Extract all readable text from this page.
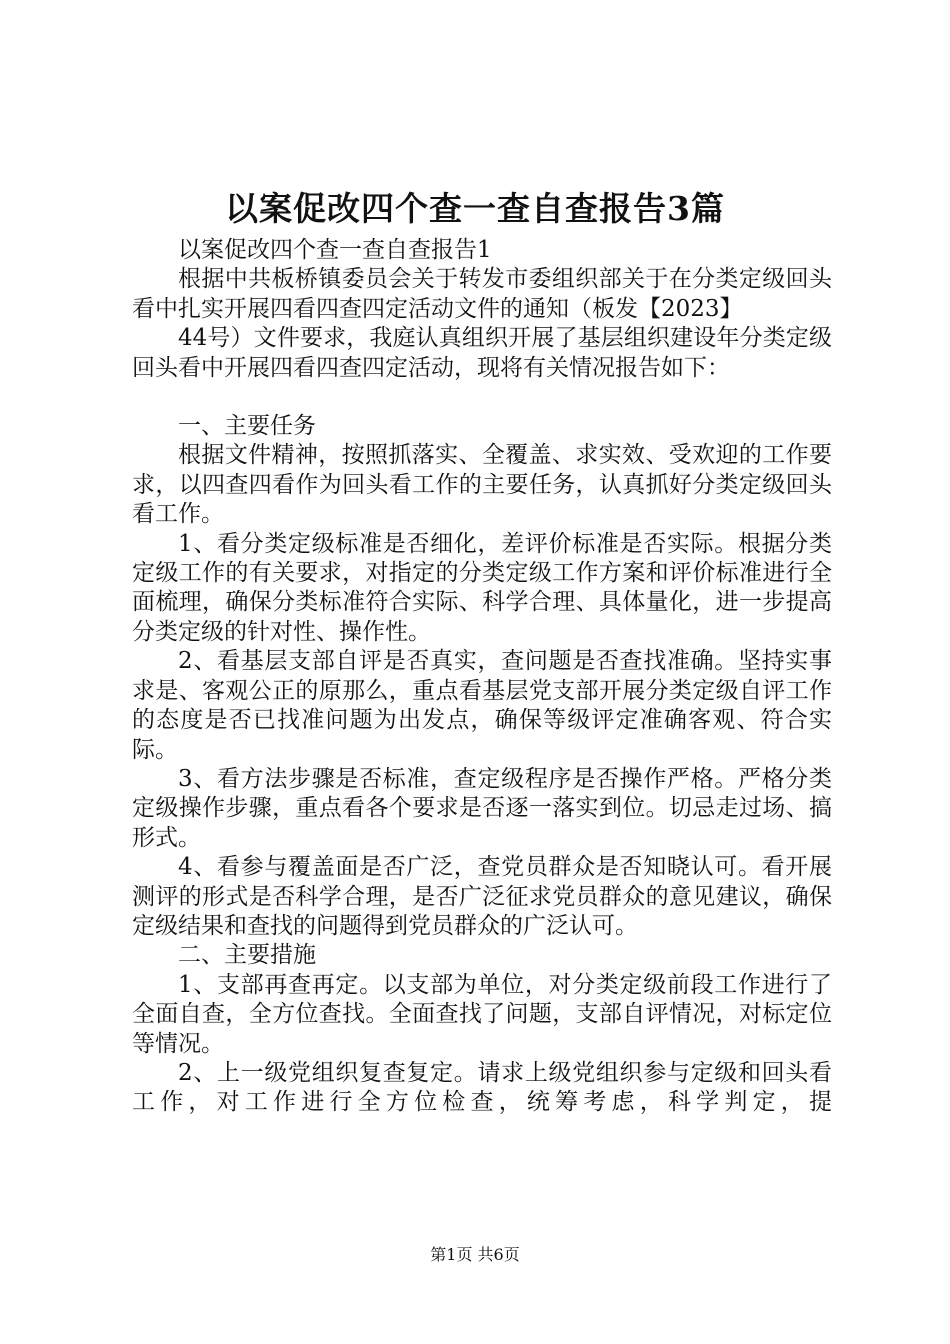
以案促改四个查一查自查报告3篇

以案促改四个查一查自查报告1

根据中共板桥镇委员会关于转发市委组织部关于在分类定级回头看中扎实开展四看四查四定活动文件的通知（板发【2023】

44号）文件要求，我庭认真组织开展了基层组织建设年分类定级回头看中开展四看四查四定活动，现将有关情况报告如下：

一、主要任务

根据文件精神，按照抓落实、全覆盖、求实效、受欢迎的工作要求，以四查四看作为回头看工作的主要任务，认真抓好分类定级回头看工作。

1、看分类定级标准是否细化，差评价标准是否实际。根据分类定级工作的有关要求，对指定的分类定级工作方案和评价标准进行全面梳理，确保分类标准符合实际、科学合理、具体量化，进一步提高分类定级的针对性、操作性。

2、看基层支部自评是否真实，查问题是否查找准确。坚持实事求是、客观公正的原那么，重点看基层党支部开展分类定级自评工作的态度是否已找准问题为出发点，确保等级评定准确客观、符合实际。

3、看方法步骤是否标准，查定级程序是否操作严格。严格分类定级操作步骤，重点看各个要求是否逐一落实到位。切忌走过场、搞形式。

4、看参与覆盖面是否广泛，查党员群众是否知晓认可。看开展测评的形式是否科学合理，是否广泛征求党员群众的意见建议，确保定级结果和查找的问题得到党员群众的广泛认可。

二、主要措施

1、支部再查再定。以支部为单位，对分类定级前段工作进行了全面自查，全方位查找。全面查找了问题，支部自评情况，对标定位等情况。

2、上一级党组织复查复定。请求上级党组织参与定级和回头看工作，对工作进行全方位检查，统筹考虑，科学判定，提

第1页 共6页
